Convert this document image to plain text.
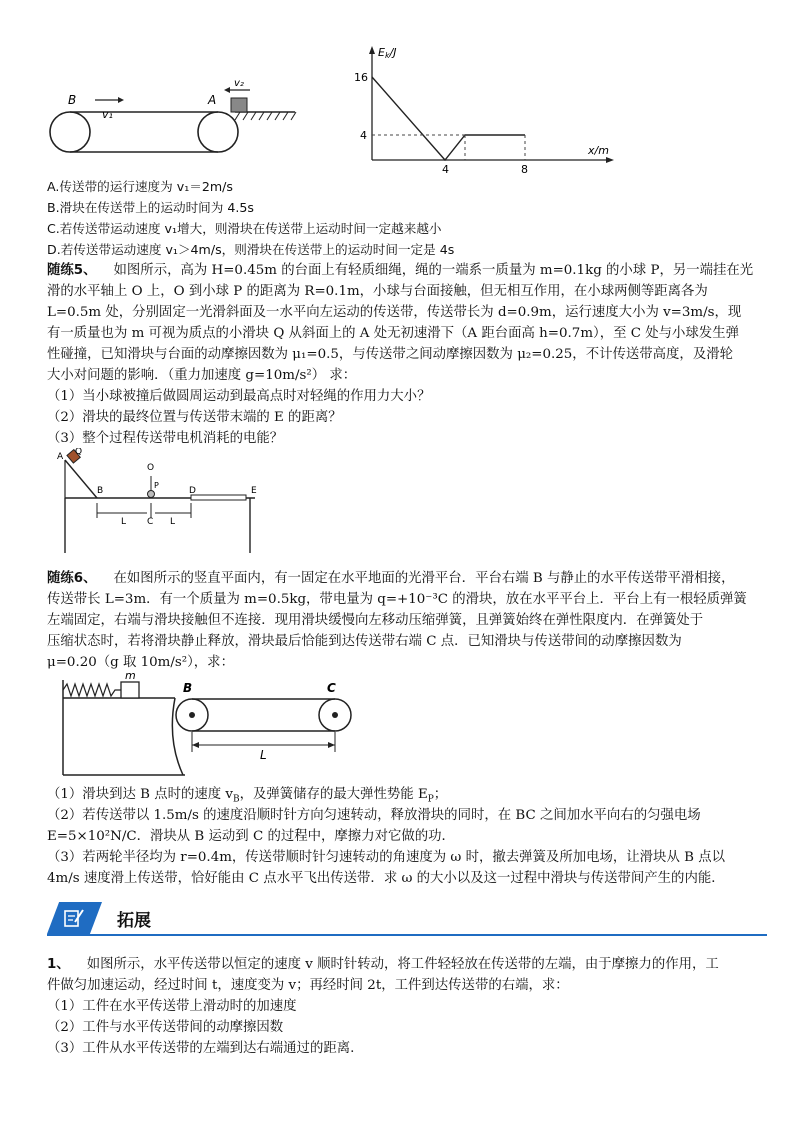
B	A
v₁
v₂
Ek/J
16
4
4	8
x/m
A.传送带的运行速度为 v₁＝2m/s
B.滑块在传送带上的运动时间为 4.5s
C.若传送带运动速度 v₁增大，则滑块在传送带上运动时间一定越来越小
D.若传送带运动速度 v₁＞4m/s，则滑块在传送带上的运动时间一定是 4s
随练5、 如图所示，高为 H=0.45m 的台面上有轻质细绳，绳的一端系一质量为 m=0.1kg 的小球 P，另一端挂在光
滑的水平轴上 O 上，O 到小球 P 的距离为 R=0.1m，小球与台面接触，但无相互作用，在小球两侧等距离各为
L=0.5m 处，分别固定一光滑斜面及一水平向左运动的传送带，传送带长为 d=0.9m，运行速度大小为 v=3m/s，现
有一质量也为 m 可视为质点的小滑块 Q 从斜面上的 A 处无初速滑下（A 距台面高 h=0.7m），至 C 处与小球发生弹
性碰撞，已知滑块与台面的动摩擦因数为 μ₁=0.5，与传送带之间动摩擦因数为 μ₂=0.25，不计传送带高度，及滑轮
大小对问题的影响．（重力加速度 g=10m/s²） 求：
（1）当小球被撞后做圆周运动到最高点时对轻绳的作用力大小？
（2）滑块的最终位置与传送带末端的 E 的距离？
（3）整个过程传送带电机消耗的电能？
A Q
B
O
P
C
D	E
L	L
随练6、 在如图所示的竖直平面内，有一固定在水平地面的光滑平台．平台右端 B 与静止的水平传送带平滑相接，
传送带长 L=3m．有一个质量为 m=0.5kg，带电量为 q=+10⁻³C 的滑块，放在水平平台上．平台上有一根轻质弹簧
左端固定，右端与滑块接触但不连接．现用滑块缓慢向左移动压缩弹簧，且弹簧始终在弹性限度内．在弹簧处于
压缩状态时，若将滑块静止释放，滑块最后恰能到达传送带右端 C 点．已知滑块与传送带间的动摩擦因数为
μ=0.20（g 取 10m/s²），求：
m
B	C
L
（1）滑块到达 B 点时的速度 $v_B$，及弹簧储存的最大弹性势能 $E_P$；
（2）若传送带以 1.5m/s 的速度沿顺时针方向匀速转动，释放滑块的同时，在 BC 之间加水平向右的匀强电场
E=5×10²N/C．滑块从 B 运动到 C 的过程中，摩擦力对它做的功．
（3）若两轮半径均为 r=0.4m，传送带顺时针匀速转动的角速度为 ω 时，撤去弹簧及所加电场，让滑块从 B 点以
4m/s 速度滑上传送带，恰好能由 C 点水平飞出传送带．求 ω 的大小以及这一过程中滑块与传送带间产生的内能．
拓展
1、 如图所示，水平传送带以恒定的速度 v 顺时针转动，将工件轻轻放在传送带的左端，由于摩擦力的作用，工
件做匀加速运动，经过时间 t，速度变为 v；再经时间 2t，工件到达传送带的右端，求：
（1）工件在水平传送带上滑动时的加速度
（2）工件与水平传送带间的动摩擦因数
（3）工件从水平传送带的左端到达右端通过的距离.
